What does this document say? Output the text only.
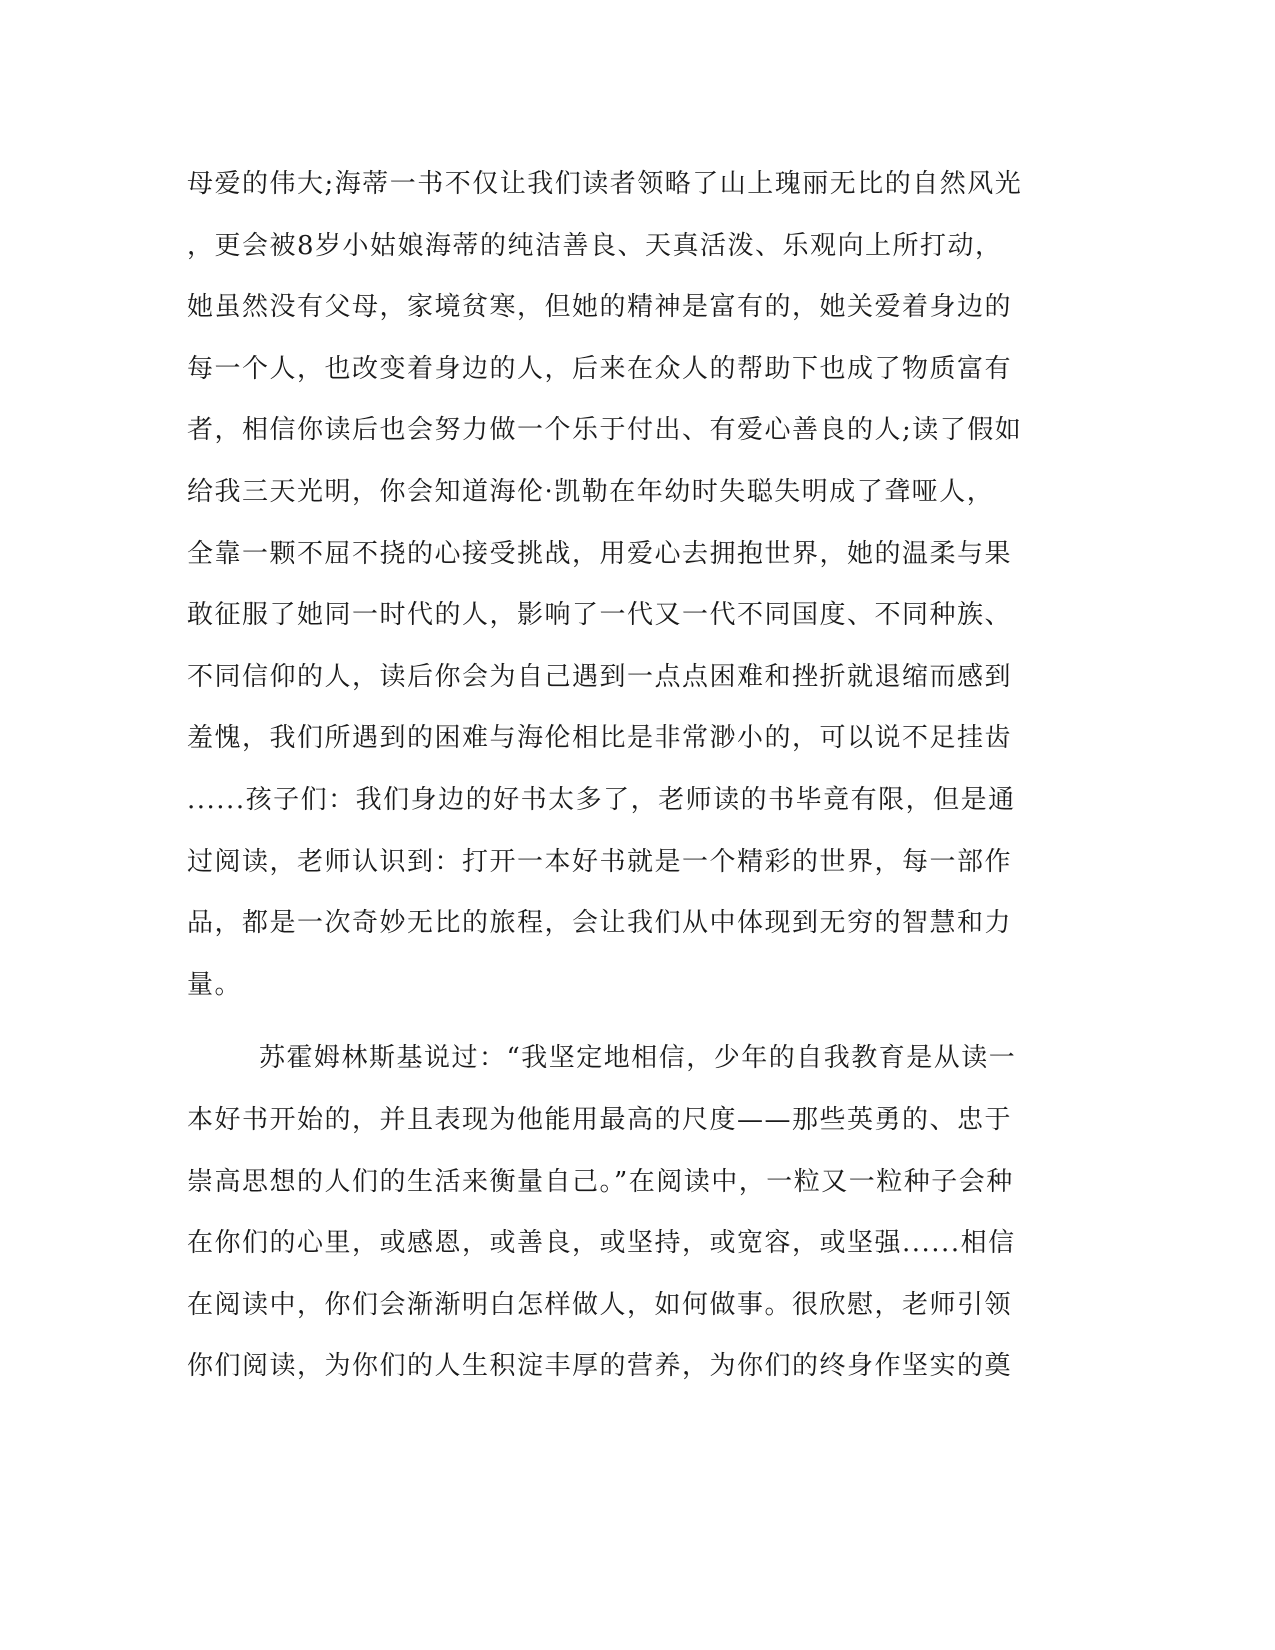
母爱的伟大;海蒂一书不仅让我们读者领略了山上瑰丽无比的自然风光
，更会被8岁小姑娘海蒂的纯洁善良、天真活泼、乐观向上所打动，
她虽然没有父母，家境贫寒，但她的精神是富有的，她关爱着身边的
每一个人，也改变着身边的人，后来在众人的帮助下也成了物质富有
者，相信你读后也会努力做一个乐于付出、有爱心善良的人;读了假如
给我三天光明，你会知道海伦·凯勒在年幼时失聪失明成了聋哑人，
全靠一颗不屈不挠的心接受挑战，用爱心去拥抱世界，她的温柔与果
敢征服了她同一时代的人，影响了一代又一代不同国度、不同种族、
不同信仰的人，读后你会为自己遇到一点点困难和挫折就退缩而感到
羞愧，我们所遇到的困难与海伦相比是非常渺小的，可以说不足挂齿
......孩子们：我们身边的好书太多了，老师读的书毕竟有限，但是通
过阅读，老师认识到：打开一本好书就是一个精彩的世界，每一部作
品，都是一次奇妙无比的旅程，会让我们从中体现到无穷的智慧和力
量。
苏霍姆林斯基说过：“我坚定地相信，少年的自我教育是从读一
本好书开始的，并且表现为他能用最高的尺度——那些英勇的、忠于
崇高思想的人们的生活来衡量自己。”在阅读中，一粒又一粒种子会种
在你们的心里，或感恩，或善良，或坚持，或宽容，或坚强......相信
在阅读中，你们会渐渐明白怎样做人，如何做事。很欣慰，老师引领
你们阅读，为你们的人生积淀丰厚的营养，为你们的终身作坚实的奠
